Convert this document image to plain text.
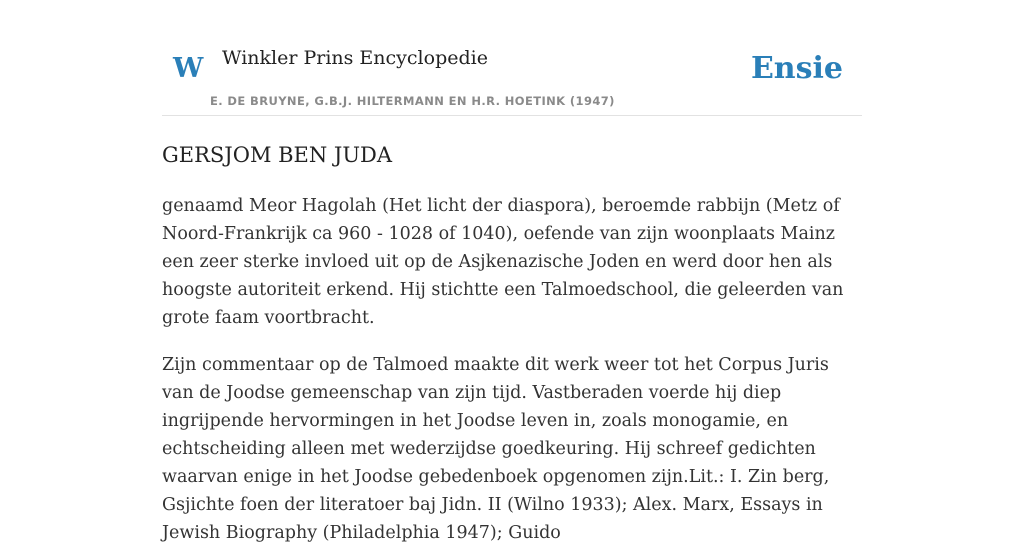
W Winkler Prins Encyclopedie
E. DE BRUYNE, G.B.J. HILTERMANN EN H.R. HOETINK (1947)
Ensie
GERSJOM BEN JUDA

genaamd Meor Hagolah (Het licht der diaspora), beroemde rabbijn (Metz of Noord-Frankrijk ca 960 - 1028 of 1040), oefende van zijn woonplaats Mainz een zeer sterke invloed uit op de Asjkenazische Joden en werd door hen als hoogste autoriteit erkend. Hij stichtte een Talmoedschool, die geleerden van grote faam voortbracht.

Zijn commentaar op de Talmoed maakte dit werk weer tot het Corpus Juris van de Joodse gemeenschap van zijn tijd. Vastberaden voerde hij diep ingrijpende hervormingen in het Joodse leven in, zoals monogamie, en echtscheiding alleen met wederzijdse goedkeuring. Hij schreef gedichten waarvan enige in het Joodse gebedenboek opgenomen zijn.Lit.: I. Zin berg, Gsjichte foen der literatoer baj Jidn. II (Wilno 1933); Alex. Marx, Essays in Jewish Biography (Philadelphia 1947); Guido
